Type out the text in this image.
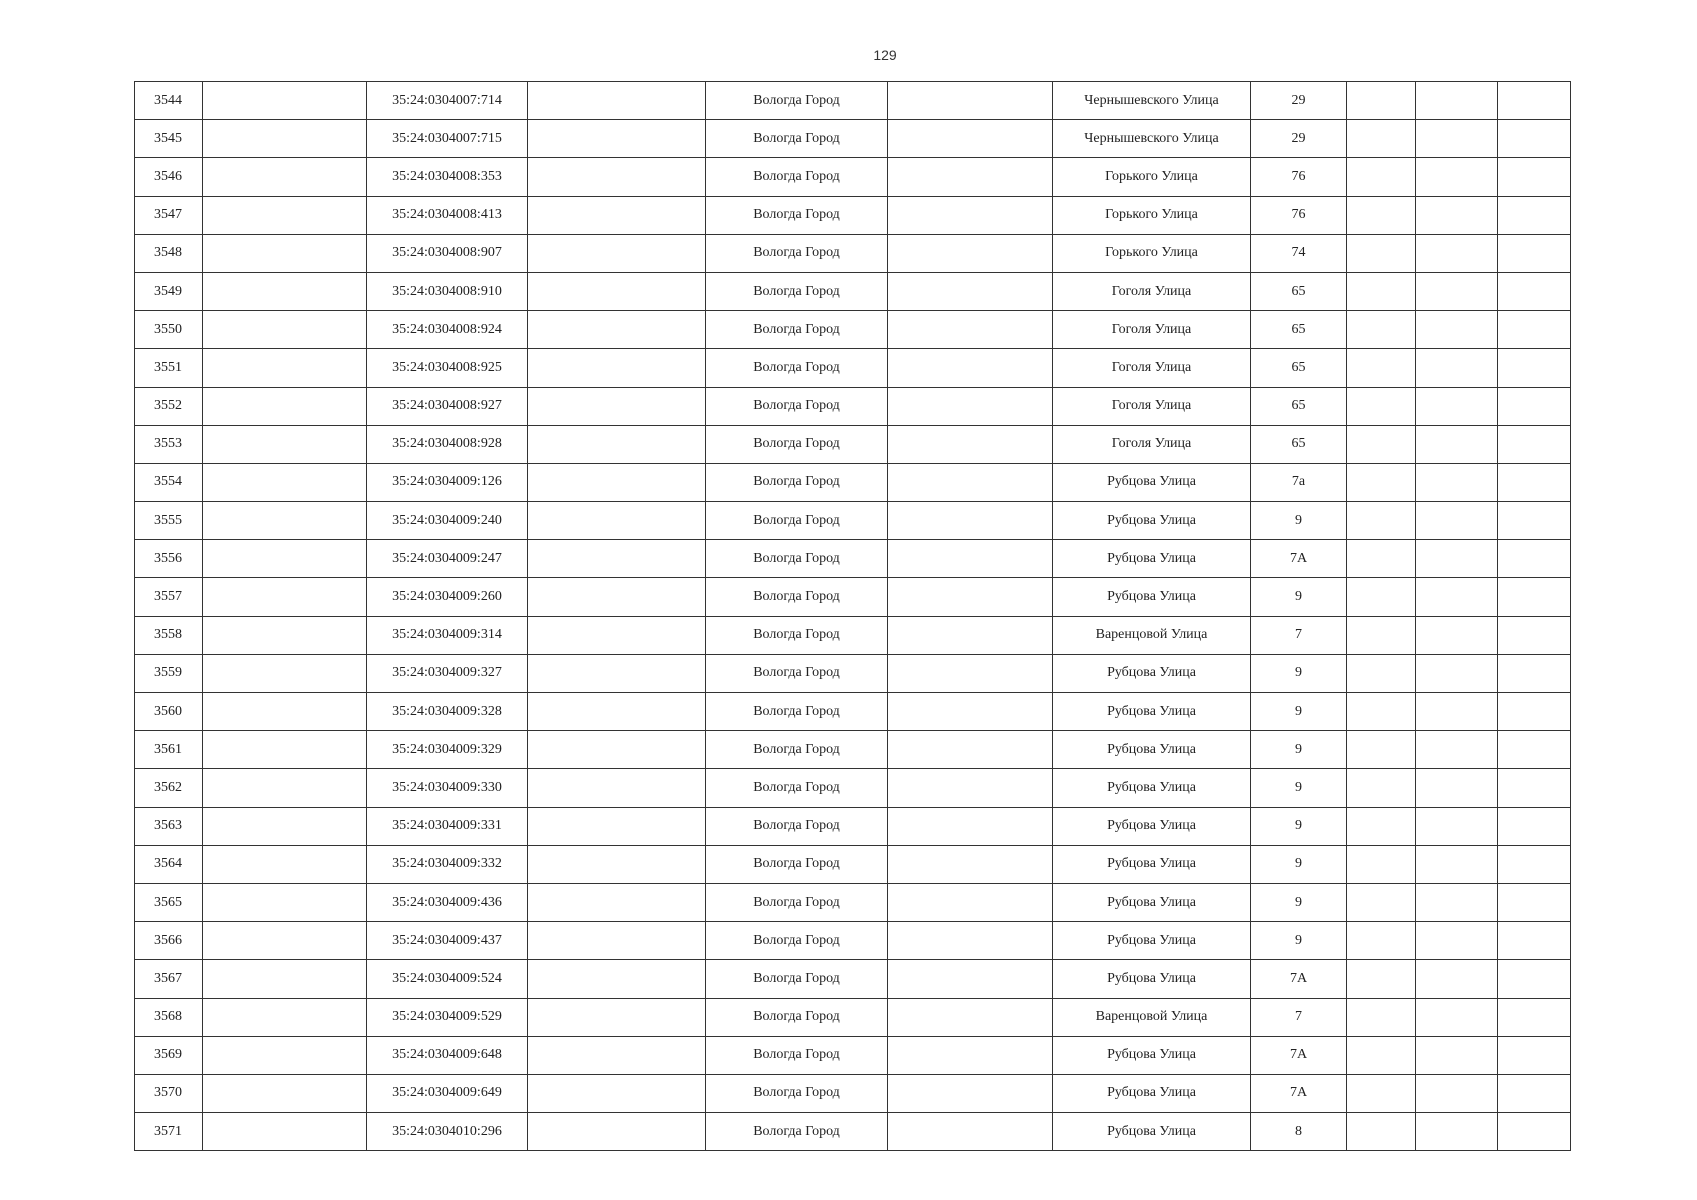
129
3544		35:24:0304007:714		Вологда Город		Чернышевского Улица	29			
3545		35:24:0304007:715		Вологда Город		Чернышевского Улица	29			
3546		35:24:0304008:353		Вологда Город		Горького Улица	76			
3547		35:24:0304008:413		Вологда Город		Горького Улица	76			
3548		35:24:0304008:907		Вологда Город		Горького Улица	74			
3549		35:24:0304008:910		Вологда Город		Гоголя Улица	65			
3550		35:24:0304008:924		Вологда Город		Гоголя Улица	65			
3551		35:24:0304008:925		Вологда Город		Гоголя Улица	65			
3552		35:24:0304008:927		Вологда Город		Гоголя Улица	65			
3553		35:24:0304008:928		Вологда Город		Гоголя Улица	65			
3554		35:24:0304009:126		Вологда Город		Рубцова Улица	7а			
3555		35:24:0304009:240		Вологда Город		Рубцова Улица	9			
3556		35:24:0304009:247		Вологда Город		Рубцова Улица	7А			
3557		35:24:0304009:260		Вологда Город		Рубцова Улица	9			
3558		35:24:0304009:314		Вологда Город		Варенцовой Улица	7			
3559		35:24:0304009:327		Вологда Город		Рубцова Улица	9			
3560		35:24:0304009:328		Вологда Город		Рубцова Улица	9			
3561		35:24:0304009:329		Вологда Город		Рубцова Улица	9			
3562		35:24:0304009:330		Вологда Город		Рубцова Улица	9			
3563		35:24:0304009:331		Вологда Город		Рубцова Улица	9			
3564		35:24:0304009:332		Вологда Город		Рубцова Улица	9			
3565		35:24:0304009:436		Вологда Город		Рубцова Улица	9			
3566		35:24:0304009:437		Вологда Город		Рубцова Улица	9			
3567		35:24:0304009:524		Вологда Город		Рубцова Улица	7А			
3568		35:24:0304009:529		Вологда Город		Варенцовой Улица	7			
3569		35:24:0304009:648		Вологда Город		Рубцова Улица	7А			
3570		35:24:0304009:649		Вологда Город		Рубцова Улица	7А			
3571		35:24:0304010:296		Вологда Город		Рубцова Улица	8			
